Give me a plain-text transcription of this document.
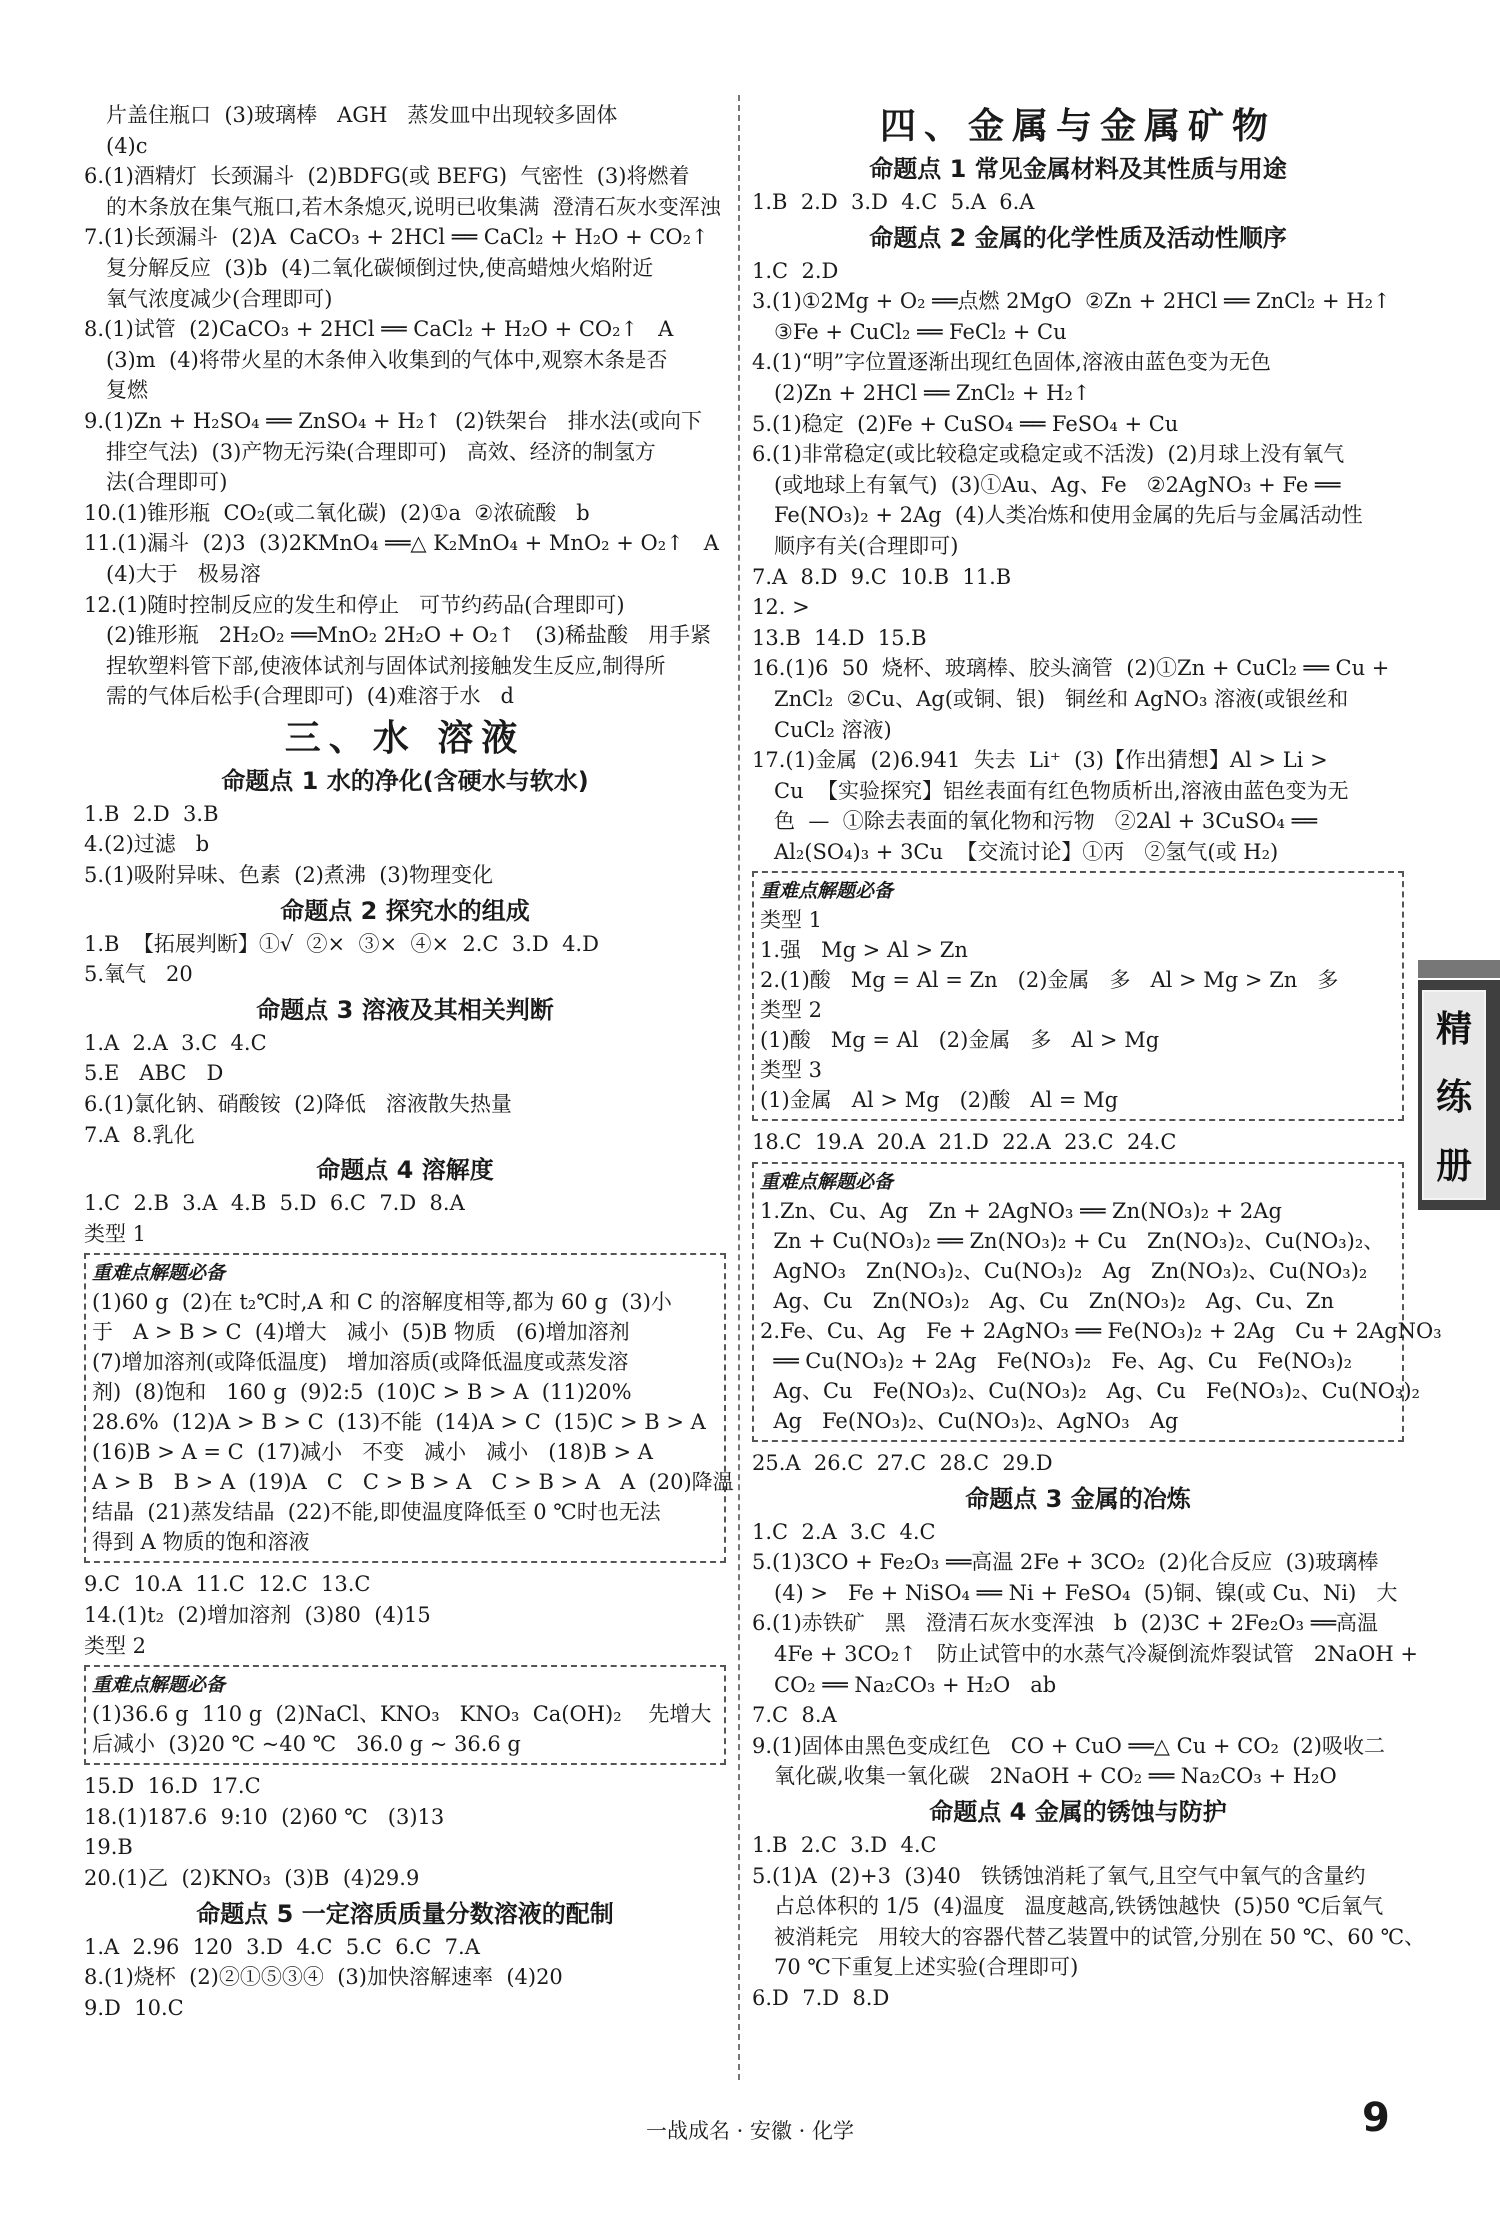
片盖住瓶口  (3)玻璃棒   AGH   蒸发皿中出现较多固体
(4)c
6.(1)酒精灯  长颈漏斗  (2)BDFG(或 BEFG)  气密性  (3)将燃着
的木条放在集气瓶口,若木条熄灭,说明已收集满  澄清石灰水变浑浊
7.(1)长颈漏斗  (2)A  CaCO₃ + 2HCl ══ CaCl₂ + H₂O + CO₂↑
复分解反应  (3)b  (4)二氧化碳倾倒过快,使高蜡烛火焰附近
氧气浓度减少(合理即可)
8.(1)试管  (2)CaCO₃ + 2HCl ══ CaCl₂ + H₂O + CO₂↑   A
(3)m  (4)将带火星的木条伸入收集到的气体中,观察木条是否
复燃
9.(1)Zn + H₂SO₄ ══ ZnSO₄ + H₂↑  (2)铁架台   排水法(或向下
排空气法)  (3)产物无污染(合理即可)   高效、经济的制氢方
法(合理即可)
10.(1)锥形瓶  CO₂(或二氧化碳)  (2)①a  ②浓硫酸   b
11.(1)漏斗  (2)3  (3)2KMnO₄ ══△ K₂MnO₄ + MnO₂ + O₂↑   A
(4)大于   极易溶
12.(1)随时控制反应的发生和停止   可节约药品(合理即可)
(2)锥形瓶   2H₂O₂ ══MnO₂ 2H₂O + O₂↑   (3)稀盐酸   用手紧
捏软塑料管下部,使液体试剂与固体试剂接触发生反应,制得所
需的气体后松手(合理即可)  (4)难溶于水   d
三、水 溶液
命题点 1 水的净化(含硬水与软水)
1.B  2.D  3.B
4.(2)过滤   b
5.(1)吸附异味、色素  (2)煮沸  (3)物理变化
命题点 2 探究水的组成
1.B  【拓展判断】①√  ②×  ③×  ④×  2.C  3.D  4.D
5.氧气   20
命题点 3 溶液及其相关判断
1.A  2.A  3.C  4.C
5.E   ABC   D
6.(1)氯化钠、硝酸铵  (2)降低   溶液散失热量
7.A  8.乳化
命题点 4 溶解度
1.C  2.B  3.A  4.B  5.D  6.C  7.D  8.A
类型 1
重难点解题必备
(1)60 g  (2)在 t₂℃时,A 和 C 的溶解度相等,都为 60 g  (3)小
于   A > B > C  (4)增大   减小  (5)B 物质   (6)增加溶剂
(7)增加溶剂(或降低温度)   增加溶质(或降低温度或蒸发溶
剂)  (8)饱和   160 g  (9)2:5  (10)C > B > A  (11)20%
28.6%  (12)A > B > C  (13)不能  (14)A > C  (15)C > B > A
(16)B > A = C  (17)减小   不变   减小   减小   (18)B > A
A > B   B > A  (19)A   C   C > B > A   C > B > A   A  (20)降温
结晶  (21)蒸发结晶  (22)不能,即使温度降低至 0 ℃时也无法
得到 A 物质的饱和溶液
9.C  10.A  11.C  12.C  13.C
14.(1)t₂  (2)增加溶剂  (3)80  (4)15
类型 2
重难点解题必备
(1)36.6 g  110 g  (2)NaCl、KNO₃   KNO₃  Ca(OH)₂    先增大
后减小  (3)20 ℃ ~40 ℃   36.0 g ~ 36.6 g
15.D  16.D  17.C
18.(1)187.6  9:10  (2)60 ℃   (3)13
19.B
20.(1)乙  (2)KNO₃  (3)B  (4)29.9
命题点 5 一定溶质质量分数溶液的配制
1.A  2.96  120  3.D  4.C  5.C  6.C  7.A
8.(1)烧杯  (2)②①⑤③④  (3)加快溶解速率  (4)20
9.D  10.C
四、金属与金属矿物
命题点 1 常见金属材料及其性质与用途
1.B  2.D  3.D  4.C  5.A  6.A
命题点 2 金属的化学性质及活动性顺序
1.C  2.D
3.(1)①2Mg + O₂ ══点燃 2MgO  ②Zn + 2HCl ══ ZnCl₂ + H₂↑
③Fe + CuCl₂ ══ FeCl₂ + Cu
4.(1)“明”字位置逐渐出现红色固体,溶液由蓝色变为无色
(2)Zn + 2HCl ══ ZnCl₂ + H₂↑
5.(1)稳定  (2)Fe + CuSO₄ ══ FeSO₄ + Cu
6.(1)非常稳定(或比较稳定或稳定或不活泼)  (2)月球上没有氧气
(或地球上有氧气)  (3)①Au、Ag、Fe   ②2AgNO₃ + Fe ══
Fe(NO₃)₂ + 2Ag  (4)人类冶炼和使用金属的先后与金属活动性
顺序有关(合理即可)
7.A  8.D  9.C  10.B  11.B
12. >
13.B  14.D  15.B
16.(1)6  50  烧杯、玻璃棒、胶头滴管  (2)①Zn + CuCl₂ ══ Cu +
ZnCl₂  ②Cu、Ag(或铜、银)   铜丝和 AgNO₃ 溶液(或银丝和
CuCl₂ 溶液)
17.(1)金属  (2)6.941  失去  Li⁺  (3)【作出猜想】Al > Li >
Cu  【实验探究】铝丝表面有红色物质析出,溶液由蓝色变为无
色  —  ①除去表面的氧化物和污物   ②2Al + 3CuSO₄ ══
Al₂(SO₄)₃ + 3Cu  【交流讨论】①丙   ②氢气(或 H₂)
重难点解题必备
类型 1
1.强   Mg > Al > Zn
2.(1)酸   Mg = Al = Zn   (2)金属   多   Al > Mg > Zn   多
类型 2
(1)酸   Mg = Al   (2)金属   多   Al > Mg
类型 3
(1)金属   Al > Mg   (2)酸   Al = Mg
18.C  19.A  20.A  21.D  22.A  23.C  24.C
重难点解题必备
1.Zn、Cu、Ag   Zn + 2AgNO₃ ══ Zn(NO₃)₂ + 2Ag
Zn + Cu(NO₃)₂ ══ Zn(NO₃)₂ + Cu   Zn(NO₃)₂、Cu(NO₃)₂、
AgNO₃   Zn(NO₃)₂、Cu(NO₃)₂   Ag   Zn(NO₃)₂、Cu(NO₃)₂
Ag、Cu   Zn(NO₃)₂   Ag、Cu   Zn(NO₃)₂   Ag、Cu、Zn
2.Fe、Cu、Ag   Fe + 2AgNO₃ ══ Fe(NO₃)₂ + 2Ag   Cu + 2AgNO₃
══ Cu(NO₃)₂ + 2Ag   Fe(NO₃)₂   Fe、Ag、Cu   Fe(NO₃)₂
Ag、Cu   Fe(NO₃)₂、Cu(NO₃)₂   Ag、Cu   Fe(NO₃)₂、Cu(NO₃)₂
Ag   Fe(NO₃)₂、Cu(NO₃)₂、AgNO₃   Ag
25.A  26.C  27.C  28.C  29.D
命题点 3 金属的冶炼
1.C  2.A  3.C  4.C
5.(1)3CO + Fe₂O₃ ══高温 2Fe + 3CO₂  (2)化合反应  (3)玻璃棒
(4) >   Fe + NiSO₄ ══ Ni + FeSO₄  (5)铜、镍(或 Cu、Ni)   大
6.(1)赤铁矿   黑   澄清石灰水变浑浊   b  (2)3C + 2Fe₂O₃ ══高温
4Fe + 3CO₂↑   防止试管中的水蒸气冷凝倒流炸裂试管   2NaOH +
CO₂ ══ Na₂CO₃ + H₂O   ab
7.C  8.A
9.(1)固体由黑色变成红色   CO + CuO ══△ Cu + CO₂  (2)吸收二
氧化碳,收集一氧化碳   2NaOH + CO₂ ══ Na₂CO₃ + H₂O
命题点 4 金属的锈蚀与防护
1.B  2.C  3.D  4.C
5.(1)A  (2)+3  (3)40   铁锈蚀消耗了氧气,且空气中氧气的含量约
占总体积的 1/5  (4)温度   温度越高,铁锈蚀越快  (5)50 ℃后氧气
被消耗完   用较大的容器代替乙装置中的试管,分别在 50 ℃、60 ℃、
70 ℃下重复上述实验(合理即可)
6.D  7.D  8.D
精
练
册
一战成名 · 安徽 · 化学	9
